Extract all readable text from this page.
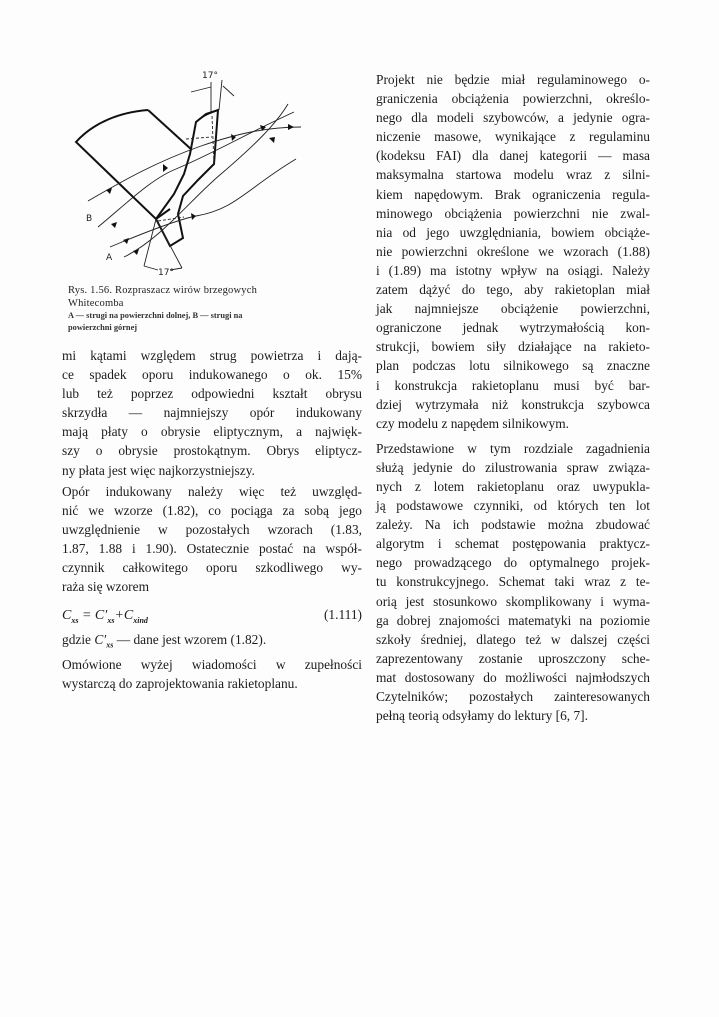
17°
17°
B
A
Rys. 1.56. Rozpraszacz wirów brzegowych
Whitecomba
A — strugi na powierzchni dolnej, B — strugi na
powierzchni górnej
mi kątami względem strug powietrza i dają-
ce spadek oporu indukowanego o ok. 15%
lub też poprzez odpowiedni kształt obrysu
skrzydła — najmniejszy opór indukowany
mają płaty o obrysie eliptycznym, a najwięk-
szy o obrysie prostokątnym. Obrys eliptycz-
ny płata jest więc najkorzystniejszy.
Opór indukowany należy więc też uwzględ-
nić we wzorze (1.82), co pociąga za sobą jego
uwzględnienie w pozostałych wzorach (1.83,
1.87, 1.88 i 1.90). Ostatecznie postać na współ-
czynnik całkowitego oporu szkodliwego wy-
raża się wzorem
$C_{xs} = C'_{xs}+C_{xind}$	(1.111)
gdzie $C'_{xs}$ — dane jest wzorem (1.82).
Omówione wyżej wiadomości w zupełności
wystarczą do zaprojektowania rakietoplanu.
Projekt nie będzie miał regulaminowego o-
graniczenia obciążenia powierzchni, określo-
nego dla modeli szybowców, a jedynie ogra-
niczenie masowe, wynikające z regulaminu
(kodeksu FAI) dla danej kategorii — masa
maksymalna startowa modelu wraz z silni-
kiem napędowym. Brak ograniczenia regula-
minowego obciążenia powierzchni nie zwal-
nia od jego uwzględniania, bowiem obciąże-
nie powierzchni określone we wzorach (1.88)
i (1.89) ma istotny wpływ na osiągi. Należy
zatem dążyć do tego, aby rakietoplan miał
jak najmniejsze obciążenie powierzchni,
ograniczone jednak wytrzymałością kon-
strukcji, bowiem siły działające na rakieto-
plan podczas lotu silnikowego są znaczne
i konstrukcja rakietoplanu musi być bar-
dziej wytrzymała niż konstrukcja szybowca
czy modelu z napędem silnikowym.
Przedstawione w tym rozdziale zagadnienia
służą jedynie do zilustrowania spraw związa-
nych z lotem rakietoplanu oraz uwypukla-
ją podstawowe czynniki, od których ten lot
zależy. Na ich podstawie można zbudować
algorytm i schemat postępowania praktycz-
nego prowadzącego do optymalnego projek-
tu konstrukcyjnego. Schemat taki wraz z te-
orią jest stosunkowo skomplikowany i wyma-
ga dobrej znajomości matematyki na poziomie
szkoły średniej, dlatego też w dalszej części
zaprezentowany zostanie uproszczony sche-
mat dostosowany do możliwości najmłodszych
Czytelników; pozostałych zainteresowanych
pełną teorią odsyłamy do lektury [6, 7].
